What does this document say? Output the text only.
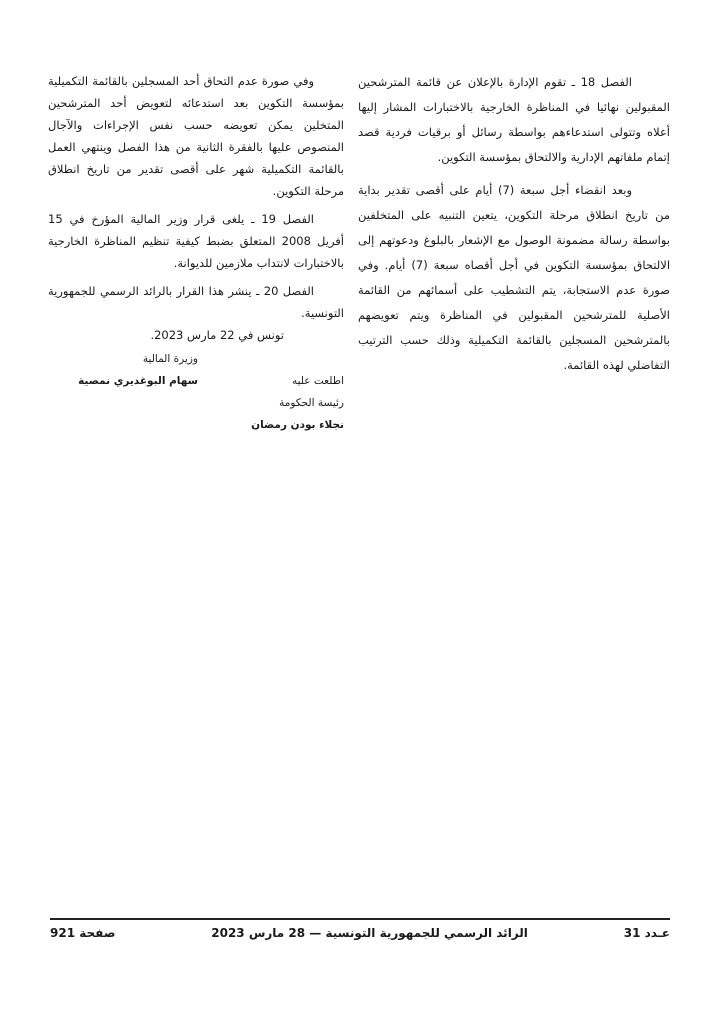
الفصل 18 ـ تقوم الإدارة بالإعلان عن قائمة المترشحين المقبولين نهائيا في المناظرة الخارجية بالاختبارات المشار إليها أعلاه وتتولى استدعاءهم بواسطة رسائل أو برقيات فردية قصد إتمام ملفاتهم الإدارية والالتحاق بمؤسسة التكوين.

وبعد انقضاء أجل سبعة (7) أيام على أقصى تقدير بداية من تاريخ انطلاق مرحلة التكوين، يتعين التنبيه على المتخلفين بواسطة رسالة مضمونة الوصول مع الإشعار بالبلوغ ودعوتهم إلى الالتحاق بمؤسسة التكوين في أجل أقصاه سبعة (7) أيام. وفي صورة عدم الاستجابة، يتم التشطيب على أسمائهم من القائمة الأصلية للمترشحين المقبولين في المناظرة ويتم تعويضهم بالمترشحين المسجلين بالقائمة التكميلية وذلك حسب الترتيب التفاضلي لهذه القائمة.

وفي صورة عدم التحاق أحد المسجلين بالقائمة التكميلية بمؤسسة التكوين بعد استدعائه لتعويض أحد المترشحين المتخلين يمكن تعويضه حسب نفس الإجراءات والآجال المنصوص عليها بالفقرة الثانية من هذا الفصل وينتهي العمل بالقائمة التكميلية شهر على أقصى تقدير من تاريخ انطلاق مرحلة التكوين.

الفصل 19 ـ يلغى قرار وزير المالية المؤرخ في 15 أفريل 2008 المتعلق بضبط كيفية تنظيم المناظرة الخارجية بالاختبارات لانتداب ملازمين للديوانة.

الفصل 20 ـ ينشر هذا القرار بالرائد الرسمي للجمهورية التونسية.

تونس في 22 مارس 2023.

وزيرة المالية
اطلعت عليه
سهام البوغديري نمصية
رئيسة الحكومة
نجلاء بودن رمضان
عـدد 31
الرائد الرسمي للجمهورية التونسية — 28 مارس 2023
صفحة 921
